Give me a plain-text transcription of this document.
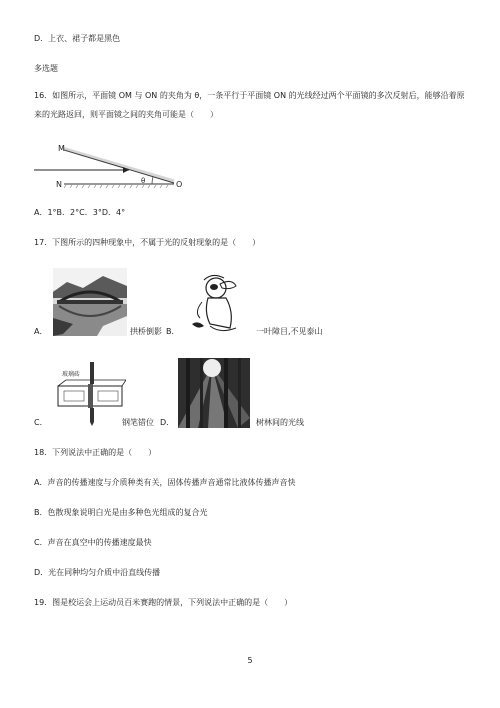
D．上衣、裙子都是黑色
多选题
16．如图所示，平面镜 OM 与 ON 的夹角为 θ，一条平行于平面镜 ON 的光线经过两个平面镜的多次反射后，能够沿着原来的光路返回，则平面镜之间的夹角可能是（　　）
M
N	O
θ
A．1°B．2°C．3°D．4°
17．下图所示的四种现象中，不属于光的反射现象的是（　　）
A．	拱桥倒影 B．	一叶障目,不见泰山
C．
玻璃砖
钢笔错位 D．	树林间的光线
18．下列说法中正确的是（　　）
A．声音的传播速度与介质种类有关，固体传播声音通常比液体传播声音快
B．色散现象说明白光是由多种色光组成的复合光
C．声音在真空中的传播速度最快
D．光在同种均匀介质中沿直线传播
19．图是校运会上运动员百米赛跑的情景，下列说法中正确的是（　　）
5
